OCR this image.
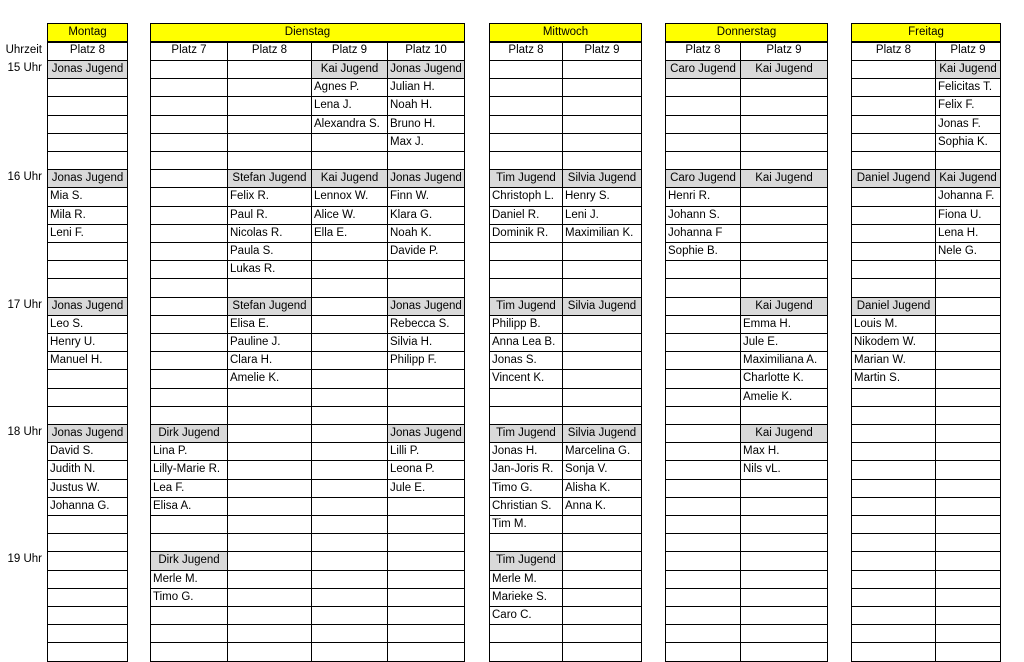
Uhrzeit
15 Uhr
16 Uhr
17 Uhr
18 Uhr
19 Uhr
Montag
Platz 8
Jonas Jugend
Jonas Jugend
Mia S.
Mila R.
Leni F.
Jonas Jugend
Leo S.
Henry U.
Manuel H.
Jonas Jugend
David S.
Judith N.
Justus W.
Johanna G.
Dienstag
Platz 7
Dirk Jugend
Lina P.
Lilly-Marie R.
Lea F.
Elisa A.
Dirk Jugend
Merle M.
Timo G.
Platz 8
Stefan Jugend
Felix R.
Paul R.
Nicolas R.
Paula S.
Lukas R.
Stefan Jugend
Elisa E.
Pauline J.
Clara H.
Amelie K.
Platz 9
Kai Jugend
Agnes P.
Lena J.
Alexandra S.
Kai Jugend
Lennox W.
Alice W.
Ella E.
Platz 10
Jonas Jugend
Julian H.
Noah H.
Bruno H.
Max J.
Jonas Jugend
Finn W.
Klara G.
Noah K.
Davide P.
Jonas Jugend
Rebecca S.
Silvia H.
Philipp F.
Jonas Jugend
Lilli P.
Leona P.
Jule E.
Mittwoch
Platz 8
Tim Jugend
Christoph L.
Daniel R.
Dominik R.
Tim Jugend
Philipp B.
Anna Lea B.
Jonas S.
Vincent K.
Tim Jugend
Jonas H.
Jan-Joris R.
Timo G.
Christian S.
Tim M.
Tim Jugend
Merle M.
Marieke S.
Caro C.
Platz 9
Silvia Jugend
Henry S.
Leni J.
Maximilian K.
Silvia Jugend
Silvia Jugend
Marcelina G.
Sonja V.
Alisha K.
Anna K.
Donnerstag
Platz 8
Caro Jugend
Caro Jugend
Henri R.
Johann S.
Johanna F
Sophie B.
Platz 9
Kai Jugend
Kai Jugend
Kai Jugend
Emma H.
Jule E.
Maximiliana A.
Charlotte K.
Amelie K.
Kai Jugend
Max H.
Nils vL.
Freitag
Platz 8
Daniel Jugend
Daniel Jugend
Louis M.
Nikodem W.
Marian W.
Martin S.
Platz 9
Kai Jugend
Felicitas T.
Felix F.
Jonas F.
Sophia K.
Kai Jugend
Johanna F.
Fiona U.
Lena H.
Nele G.
